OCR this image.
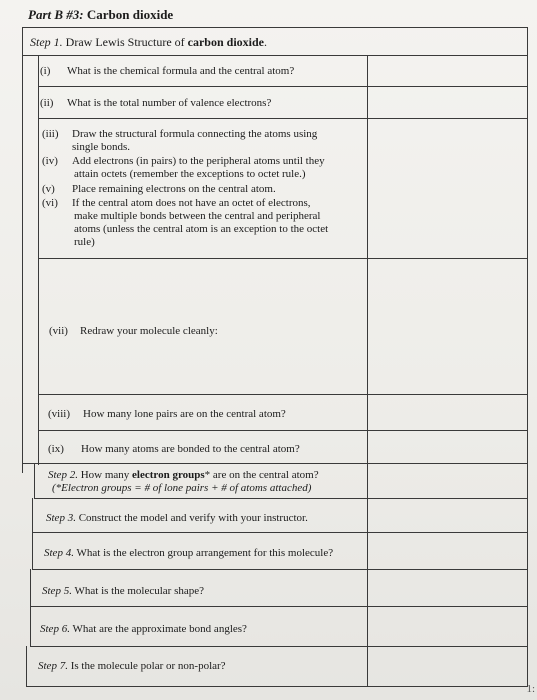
Part B #3: Carbon dioxide
Step 1. Draw Lewis Structure of carbon dioxide.
(i) What is the chemical formula and the central atom?
(ii) What is the total number of valence electrons?
(iii) Draw the structural formula connecting the atoms using
single bonds.
(iv) Add electrons (in pairs) to the peripheral atoms until they
attain octets (remember the exceptions to octet rule.)
(v) Place remaining electrons on the central atom.
(vi) If the central atom does not have an octet of electrons,
make multiple bonds between the central and peripheral
atoms (unless the central atom is an exception to the octet
rule)
(vii) Redraw your molecule cleanly:
(viii) How many lone pairs are on the central atom?
(ix) How many atoms are bonded to the central atom?
Step 2. How many electron groups* are on the central atom?
(*Electron groups = # of lone pairs + # of atoms attached)
Step 3. Construct the model and verify with your instructor.
Step 4. What is the electron group arrangement for this molecule?
Step 5. What is the molecular shape?
Step 6. What are the approximate bond angles?
Step 7. Is the molecule polar or non-polar?
1:
